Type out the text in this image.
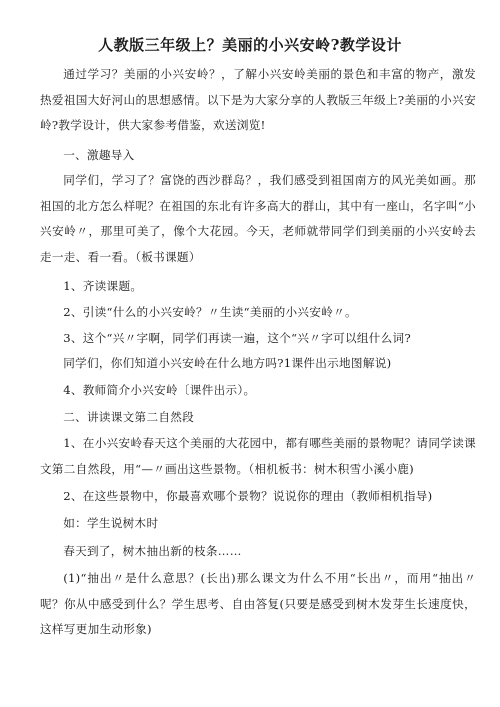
人教版三年级上？美丽的小兴安岭?教学设计

通过学习？美丽的小兴安岭？，了解小兴安岭美丽的景色和丰富的物产，激发热爱祖国大好河山的思想感情。以下是为大家分享的人教版三年级上?美丽的小兴安岭?教学设计，供大家参考借鉴，欢送浏览!

一、激趣导入

同学们，学习了？富饶的西沙群岛？，我们感受到祖国南方的风光美如画。那祖国的北方怎么样呢？在祖国的东北有许多高大的群山，其中有一座山，名字叫“小兴安岭〃，那里可美了，像个大花园。今天，老师就带同学们到美丽的小兴安岭去走一走、看一看。（板书课题）

1、齐读课题。

2、引读“什么的小兴安岭？〃生读“美丽的小兴安岭〃。

3、这个“兴〃字啊，同学们再读一遍，这个“兴〃字可以组什么词?

同学们，你们知道小兴安岭在什么地方吗?1课件出示地图解说)

4、教师简介小兴安岭〔课件出示）。

二、讲读课文第二自然段

1、在小兴安岭春天这个美丽的大花园中，都有哪些美丽的景物呢？请同学读课文第二自然段，用“—〃画出这些景物。（相机板书：树木积雪小溪小鹿)

2、在这些景物中，你最喜欢哪个景物？说说你的理由（教师相机指导)

如：学生说树木时

春天到了，树木抽出新的枝条……

(1)“抽出〃是什么意思？(长出)那么课文为什么不用“长出〃，而用“抽出〃呢？你从中感受到什么？学生思考、自由答复(只要是感受到树木发芽生长速度快，这样写更加生动形象)
